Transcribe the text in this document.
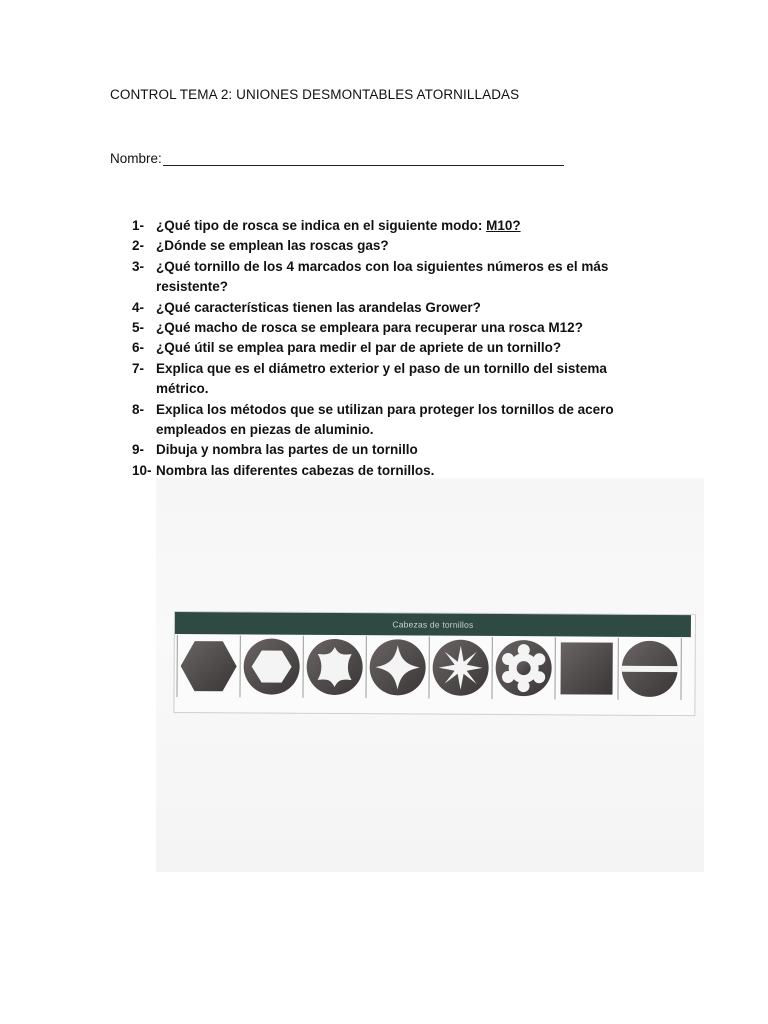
CONTROL TEMA 2: UNIONES DESMONTABLES ATORNILLADAS
Nombre:
1- ¿Qué tipo de rosca se indica en el siguiente modo: M10?
2- ¿Dónde se emplean las roscas gas?
3- ¿Qué tornillo de los 4 marcados con loa siguientes números es el más resistente?
4- ¿Qué características tienen las arandelas Grower?
5- ¿Qué macho de rosca se empleara para recuperar una rosca M12?
6- ¿Qué útil se emplea para medir el par de apriete de un tornillo?
7- Explica que es el diámetro exterior y el paso de un tornillo del sistema métrico.
8- Explica los métodos que se utilizan para proteger los tornillos de acero empleados en piezas de aluminio.
9- Dibuja y nombra las partes de un tornillo
10- Nombra las diferentes cabezas de tornillos.
Cabezas de tornillos
